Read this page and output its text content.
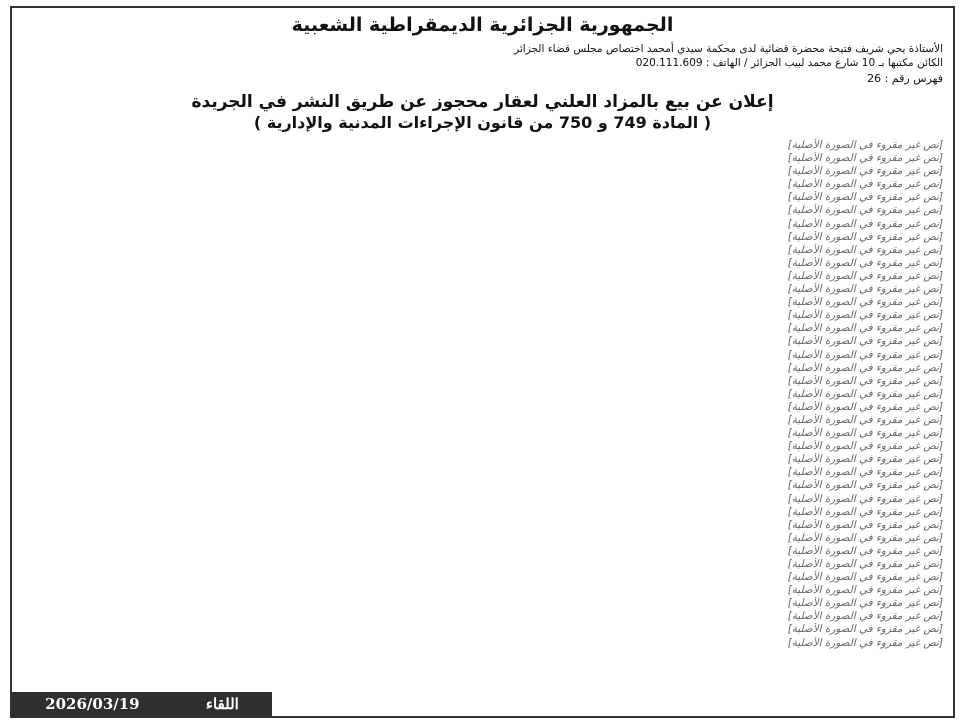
الجمهورية الجزائرية الديمقراطية الشعبية
الأستاذة يحي شريف فتيحة محضرة قضائية لدى محكمة سيدي أمحمد اختصاص مجلس قضاء الجزائر
الكائن مكتبها بـ 10 شارع محمد لبيب الجزائر / الهاتف : 020.111.609
فهرس رقم : 26
إعلان عن بيع بالمزاد العلني لعقار محجوز عن طريق النشر في الجريدة
( المادة 749 و 750 من قانون الإجراءات المدنية والإدارية )
[نص غير مقروء في الصورة الأصلية]
[نص غير مقروء في الصورة الأصلية]
[نص غير مقروء في الصورة الأصلية]
[نص غير مقروء في الصورة الأصلية]
[نص غير مقروء في الصورة الأصلية]
[نص غير مقروء في الصورة الأصلية]
[نص غير مقروء في الصورة الأصلية]
[نص غير مقروء في الصورة الأصلية]
[نص غير مقروء في الصورة الأصلية]
[نص غير مقروء في الصورة الأصلية]
[نص غير مقروء في الصورة الأصلية]
[نص غير مقروء في الصورة الأصلية]
[نص غير مقروء في الصورة الأصلية]
[نص غير مقروء في الصورة الأصلية]
[نص غير مقروء في الصورة الأصلية]
[نص غير مقروء في الصورة الأصلية]
[نص غير مقروء في الصورة الأصلية]
[نص غير مقروء في الصورة الأصلية]
[نص غير مقروء في الصورة الأصلية]
[نص غير مقروء في الصورة الأصلية]
[نص غير مقروء في الصورة الأصلية]
[نص غير مقروء في الصورة الأصلية]
[نص غير مقروء في الصورة الأصلية]
[نص غير مقروء في الصورة الأصلية]
[نص غير مقروء في الصورة الأصلية]
[نص غير مقروء في الصورة الأصلية]
[نص غير مقروء في الصورة الأصلية]
[نص غير مقروء في الصورة الأصلية]
[نص غير مقروء في الصورة الأصلية]
[نص غير مقروء في الصورة الأصلية]
[نص غير مقروء في الصورة الأصلية]
[نص غير مقروء في الصورة الأصلية]
[نص غير مقروء في الصورة الأصلية]
[نص غير مقروء في الصورة الأصلية]
[نص غير مقروء في الصورة الأصلية]
[نص غير مقروء في الصورة الأصلية]
[نص غير مقروء في الصورة الأصلية]
[نص غير مقروء في الصورة الأصلية]
[نص غير مقروء في الصورة الأصلية]
2026/03/19	اللقاء
